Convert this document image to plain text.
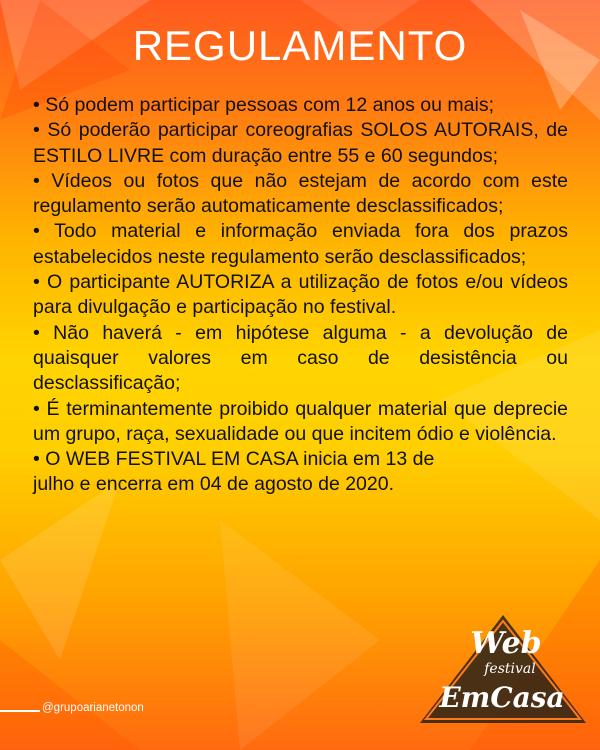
REGULAMENTO

• Só podem participar pessoas com 12 anos ou mais;

• Só poderão participar coreografias SOLOS AUTORAIS, de ESTILO LIVRE com duração entre 55 e 60 segundos;

• Vídeos ou fotos que não estejam de acordo com este regulamento serão automaticamente desclassificados;

• Todo material e informação enviada fora dos prazos estabelecidos neste regulamento serão desclassificados;

• O participante AUTORIZA a utilização de fotos e/ou vídeos para divulgação e participação no festival.

• Não haverá - em hipótese alguma - a devolução de quaisquer valores em caso de desistência ou desclassificação;

• É terminantemente proibido qualquer material que deprecie um grupo, raça, sexualidade ou que incitem ódio e violência.

• O WEB FESTIVAL EM CASA inicia em 13 de julho e encerra em 04 de agosto de 2020.

@grupoarianetonon
Web
festival
EmCasa
